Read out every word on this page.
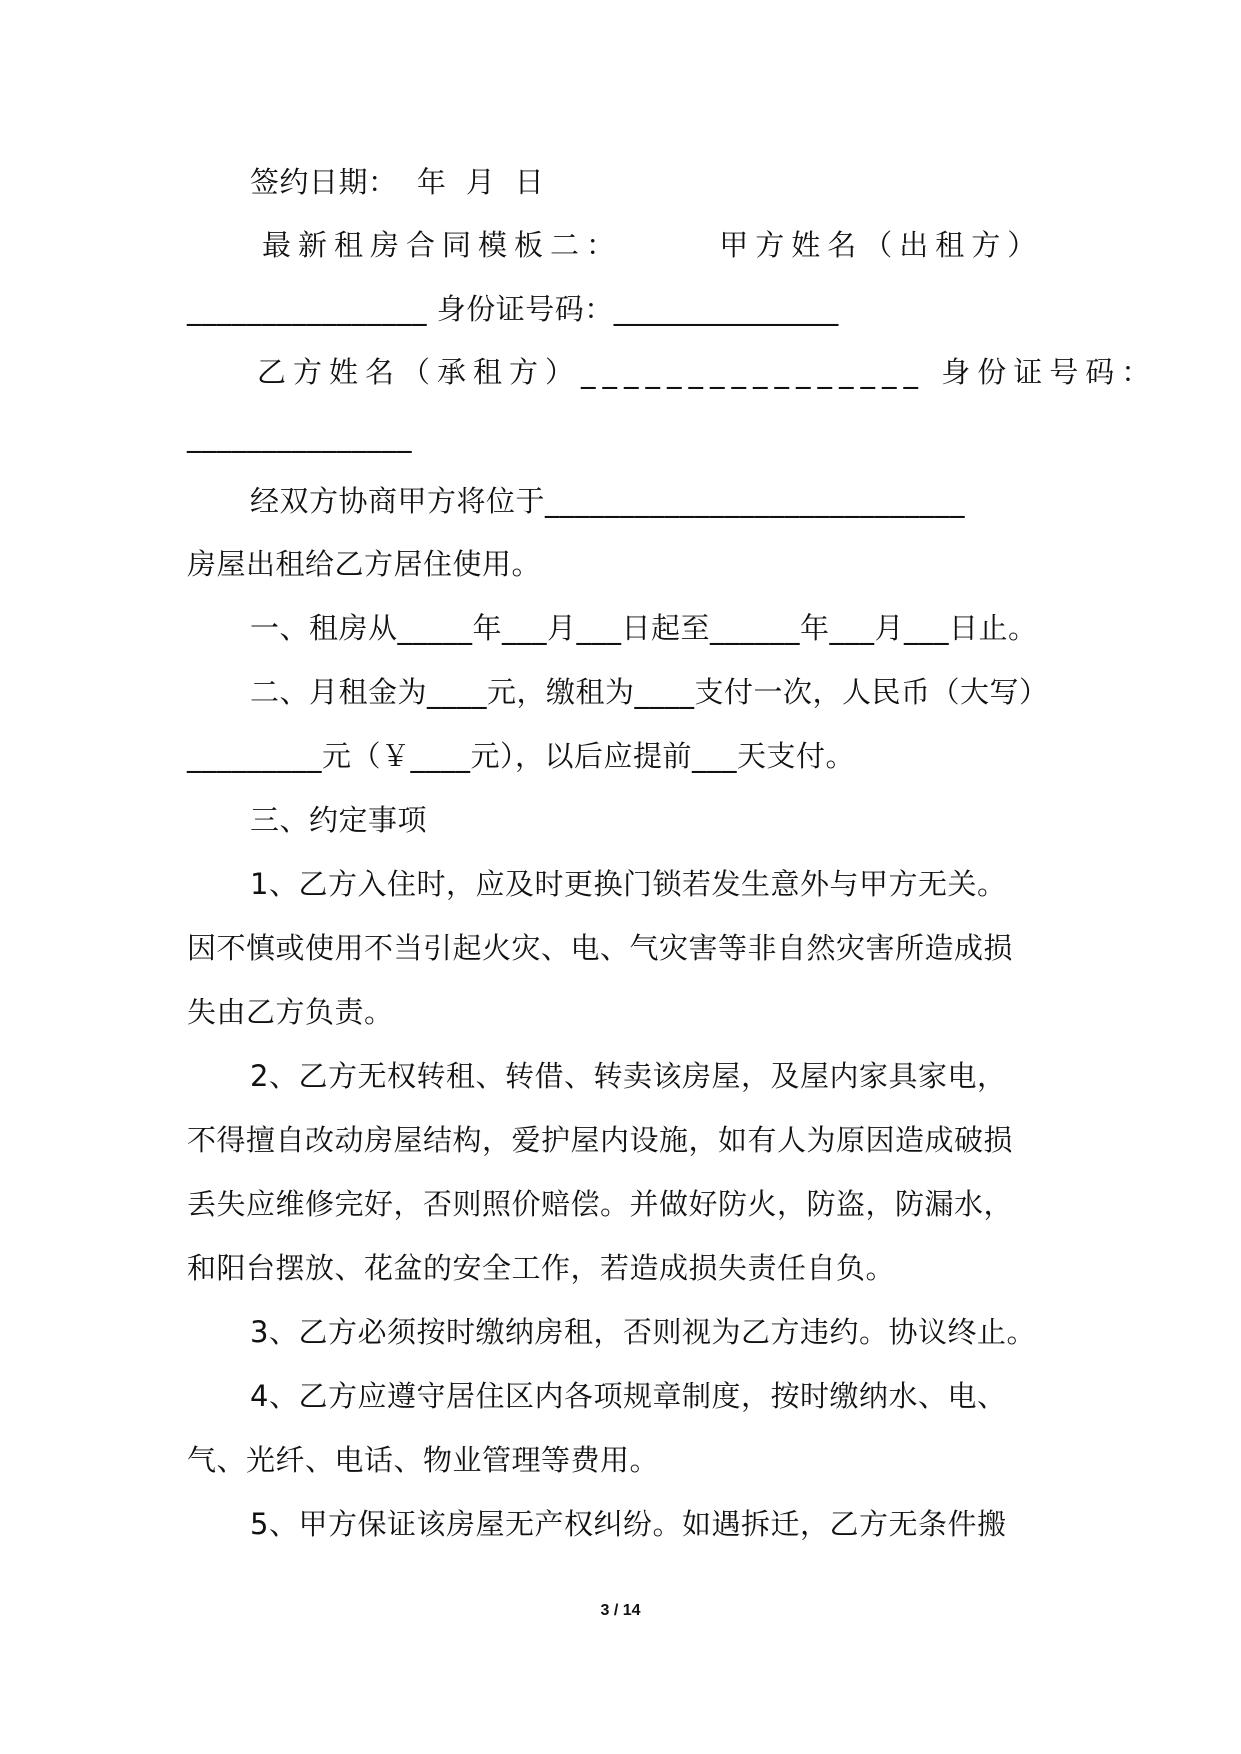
签约日期：  年  月  日
最新租房合同模板二：      甲方姓名（出租方）
________________ 身份证号码：_______________
乙方姓名（承租方）________________ 身份证号码：
_______________
经双方协商甲方将位于____________________________
房屋出租给乙方居住使用。
一、租房从_____年___月___日起至______年___月___日止。
二、月租金为____元，缴租为____支付一次，人民币（大写）
_________元（￥____元），以后应提前___天支付。
三、约定事项
1、乙方入住时，应及时更换门锁若发生意外与甲方无关。
因不慎或使用不当引起火灾、电、气灾害等非自然灾害所造成损
失由乙方负责。
2、乙方无权转租、转借、转卖该房屋，及屋内家具家电，
不得擅自改动房屋结构，爱护屋内设施，如有人为原因造成破损
丢失应维修完好，否则照价赔偿。并做好防火，防盗，防漏水，
和阳台摆放、花盆的安全工作，若造成损失责任自负。
3、乙方必须按时缴纳房租，否则视为乙方违约。协议终止。
4、乙方应遵守居住区内各项规章制度，按时缴纳水、电、
气、光纤、电话、物业管理等费用。
5、甲方保证该房屋无产权纠纷。如遇拆迁，乙方无条件搬
3 / 14
